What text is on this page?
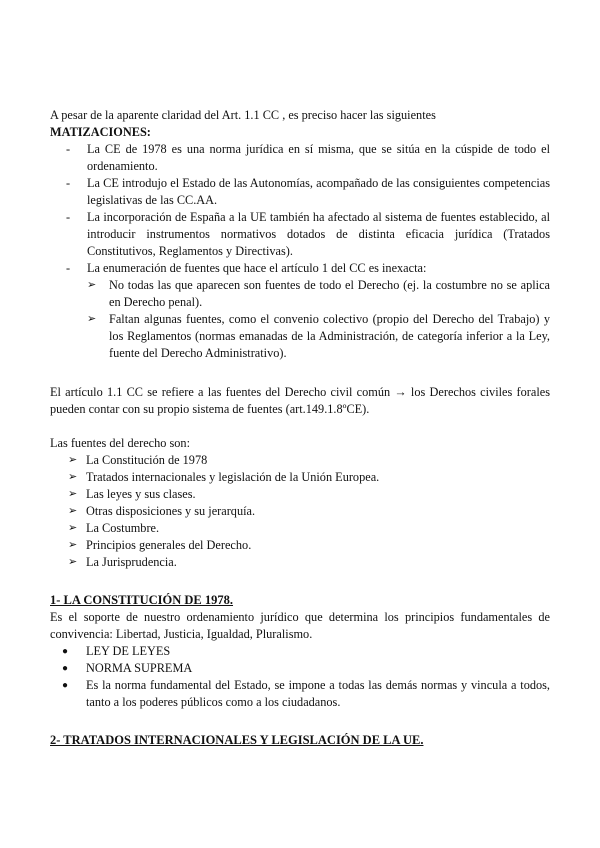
A pesar de la aparente claridad del Art. 1.1 CC , es preciso hacer las siguientes
MATIZACIONES:
- La CE de 1978 es una norma jurídica en sí misma, que se sitúa en la cúspide de todo el ordenamiento.
- La CE introdujo el Estado de las Autonomías, acompañado de las consiguientes competencias legislativas de las CC.AA.
- La incorporación de España a la UE también ha afectado al sistema de fuentes establecido, al introducir instrumentos normativos dotados de distinta eficacia jurídica (Tratados Constitutivos, Reglamentos y Directivas).
- La enumeración de fuentes que hace el artículo 1 del CC es inexacta:
➢ No todas las que aparecen son fuentes de todo el Derecho (ej. la costumbre no se aplica en Derecho penal).
➢ Faltan algunas fuentes, como el convenio colectivo (propio del Derecho del Trabajo) y los Reglamentos (normas emanadas de la Administración, de categoría inferior a la Ley, fuente del Derecho Administrativo).
El artículo 1.1 CC se refiere a las fuentes del Derecho civil común → los Derechos civiles forales pueden contar con su propio sistema de fuentes (art.149.1.8ºCE).
Las fuentes del derecho son:
➢ La Constitución de 1978
➢ Tratados internacionales y legislación de la Unión Europea.
➢ Las leyes y sus clases.
➢ Otras disposiciones y su jerarquía.
➢ La Costumbre.
➢ Principios generales del Derecho.
➢ La Jurisprudencia.
1- LA CONSTITUCIÓN DE 1978.
Es el soporte de nuestro ordenamiento jurídico que determina los principios fundamentales de convivencia: Libertad, Justicia, Igualdad, Pluralismo.
● LEY DE LEYES
● NORMA SUPREMA
● Es la norma fundamental del Estado, se impone a todas las demás normas y vincula a todos, tanto a los poderes públicos como a los ciudadanos.
2- TRATADOS INTERNACIONALES Y LEGISLACIÓN DE LA UE.
